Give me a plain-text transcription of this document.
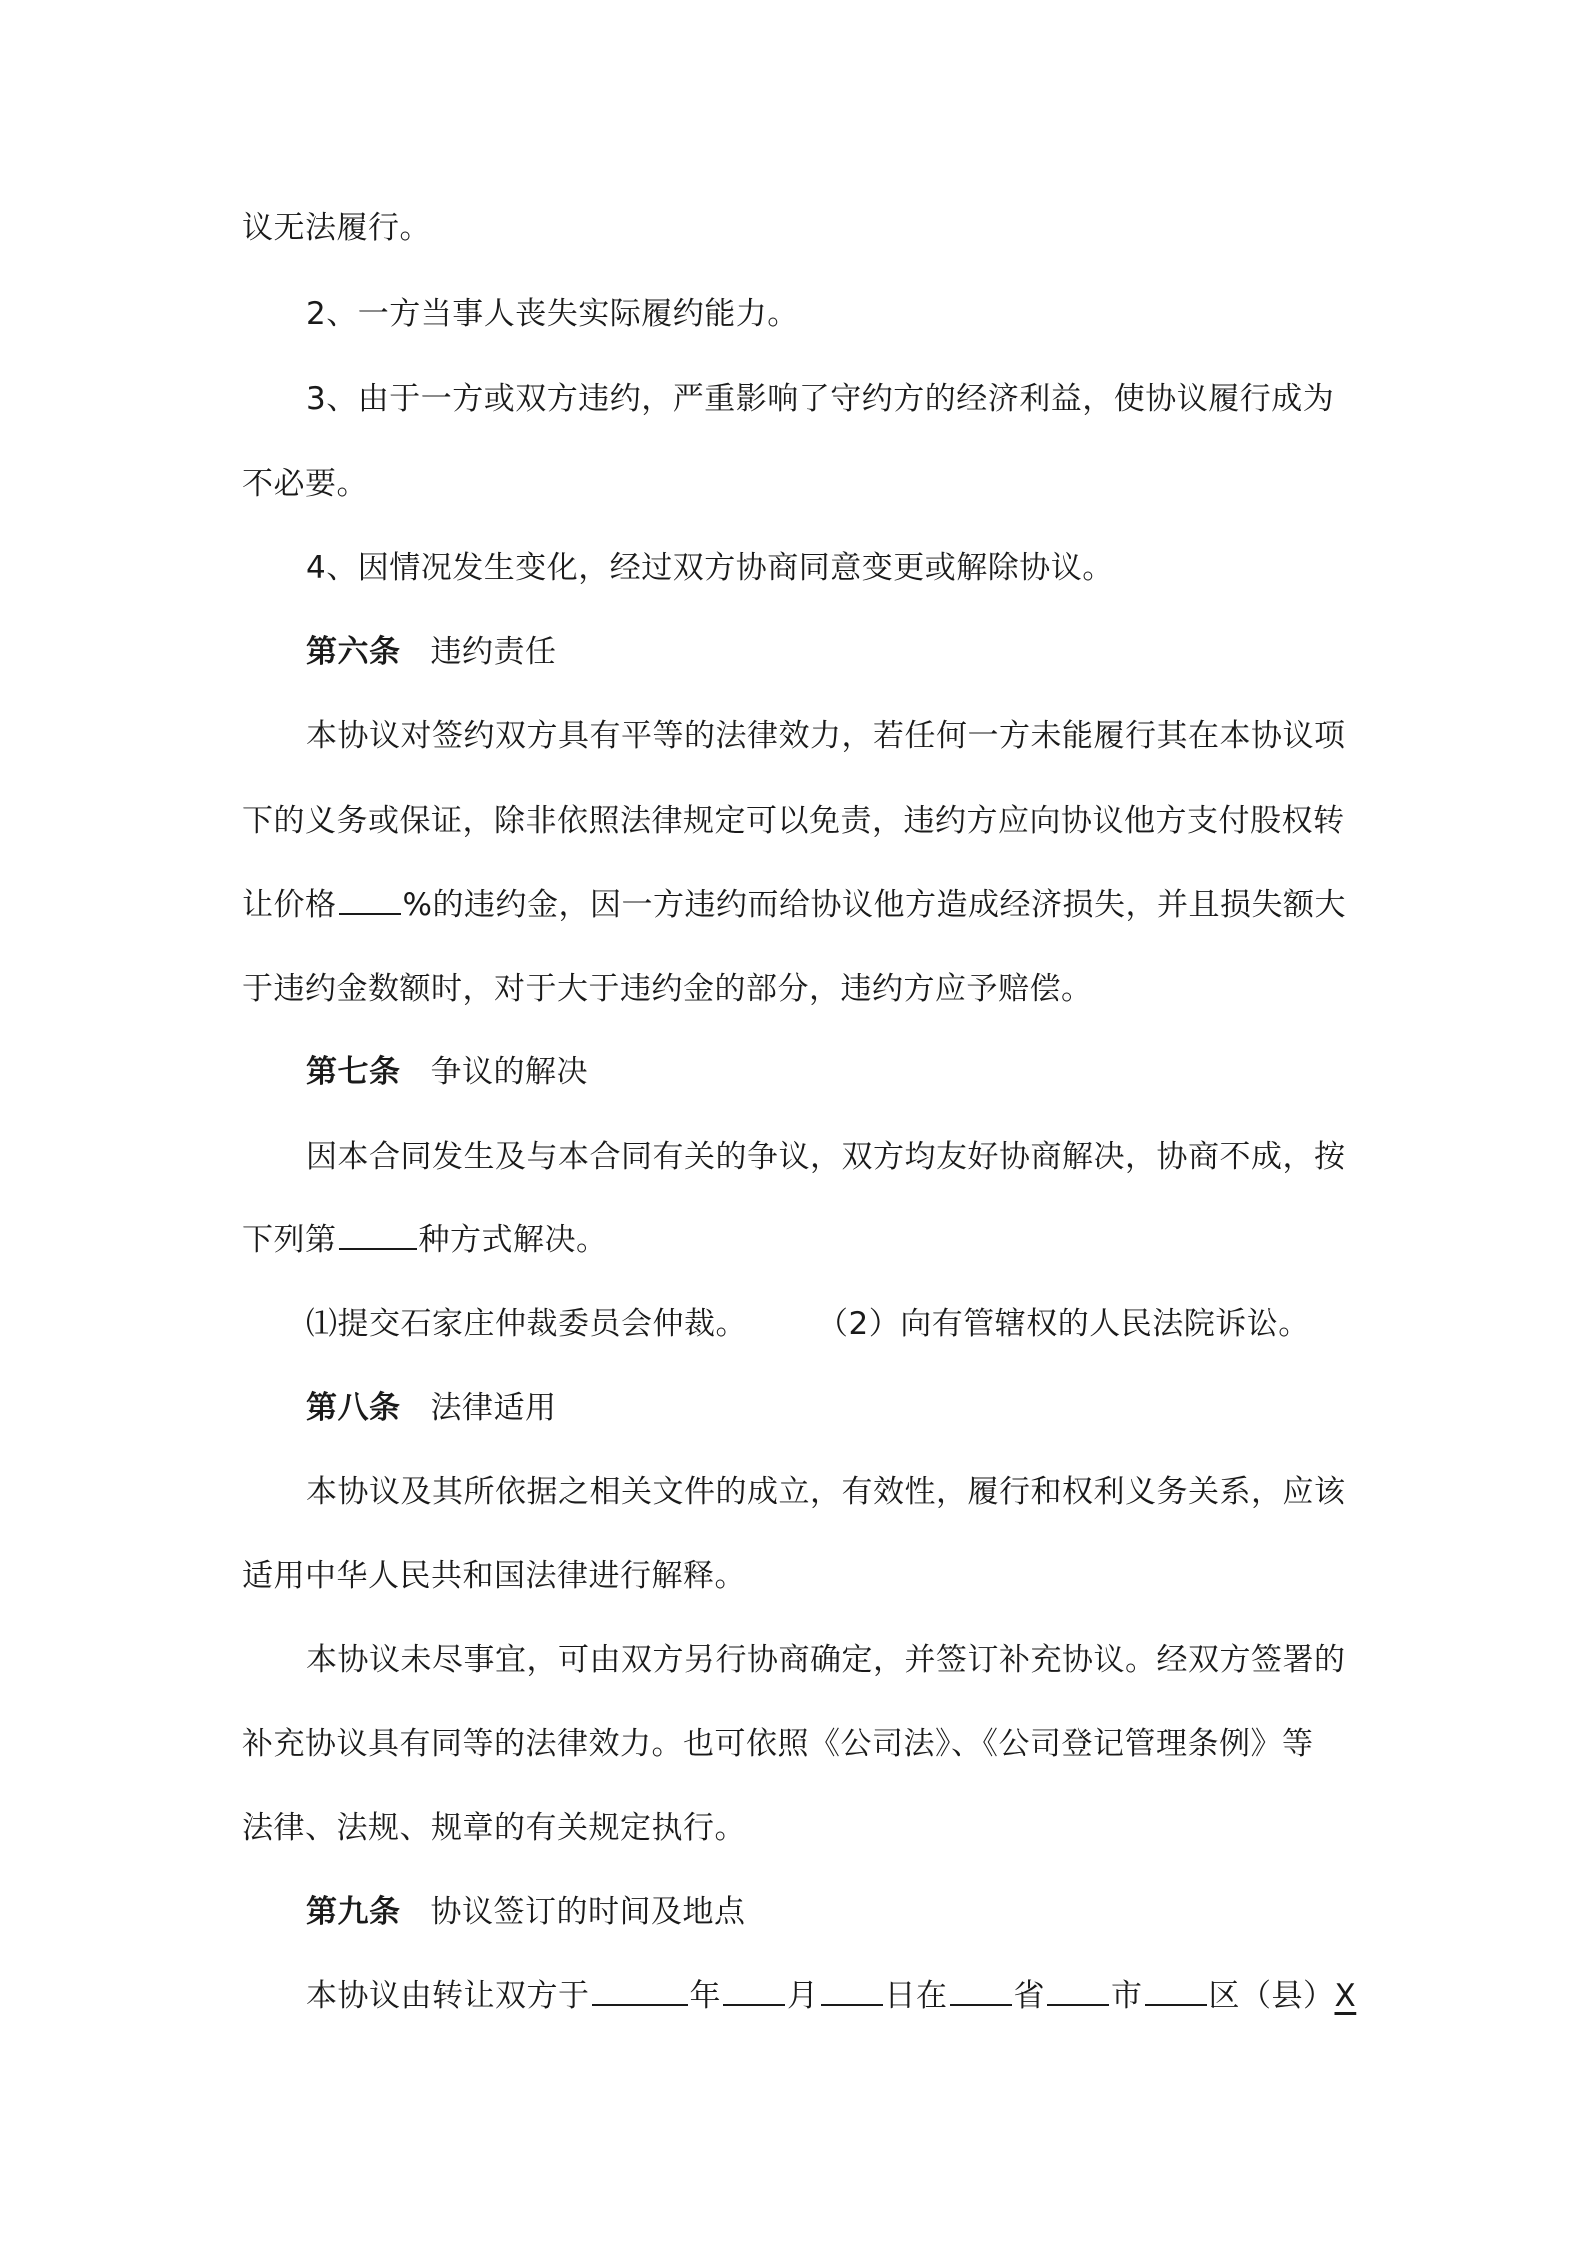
议无法履行。
2、一方当事人丧失实际履约能力。
3、由于一方或双方违约，严重影响了守约方的经济利益，使协议履行成为
不必要。
4、因情况发生变化，经过双方协商同意变更或解除协议。
第六条 违约责任
本协议对签约双方具有平等的法律效力，若任何一方未能履行其在本协议项
下的义务或保证，除非依照法律规定可以免责，违约方应向协议他方支付股权转
让价格 %的违约金，因一方违约而给协议他方造成经济损失，并且损失额大
于违约金数额时，对于大于违约金的部分，违约方应予赔偿。
第七条 争议的解决
因本合同发生及与本合同有关的争议，双方均友好协商解决，协商不成，按
下列第	种方式解决。
⑴提交石家庄仲裁委员会仲裁。 （2）向有管辖权的人民法院诉讼。
第八条 法律适用
本协议及其所依据之相关文件的成立，有效性，履行和权利义务关系，应该
适用中华人民共和国法律进行解释。
本协议未尽事宜，可由双方另行协商确定，并签订补充协议。经双方签署的
补充协议具有同等的法律效力。也可依照《公司法》、《公司登记管理条例》等
法律、法规、规章的有关规定执行。
第九条 协议签订的时间及地点
本协议由转让双方于	年 月 日在 省 市 区（县）X
